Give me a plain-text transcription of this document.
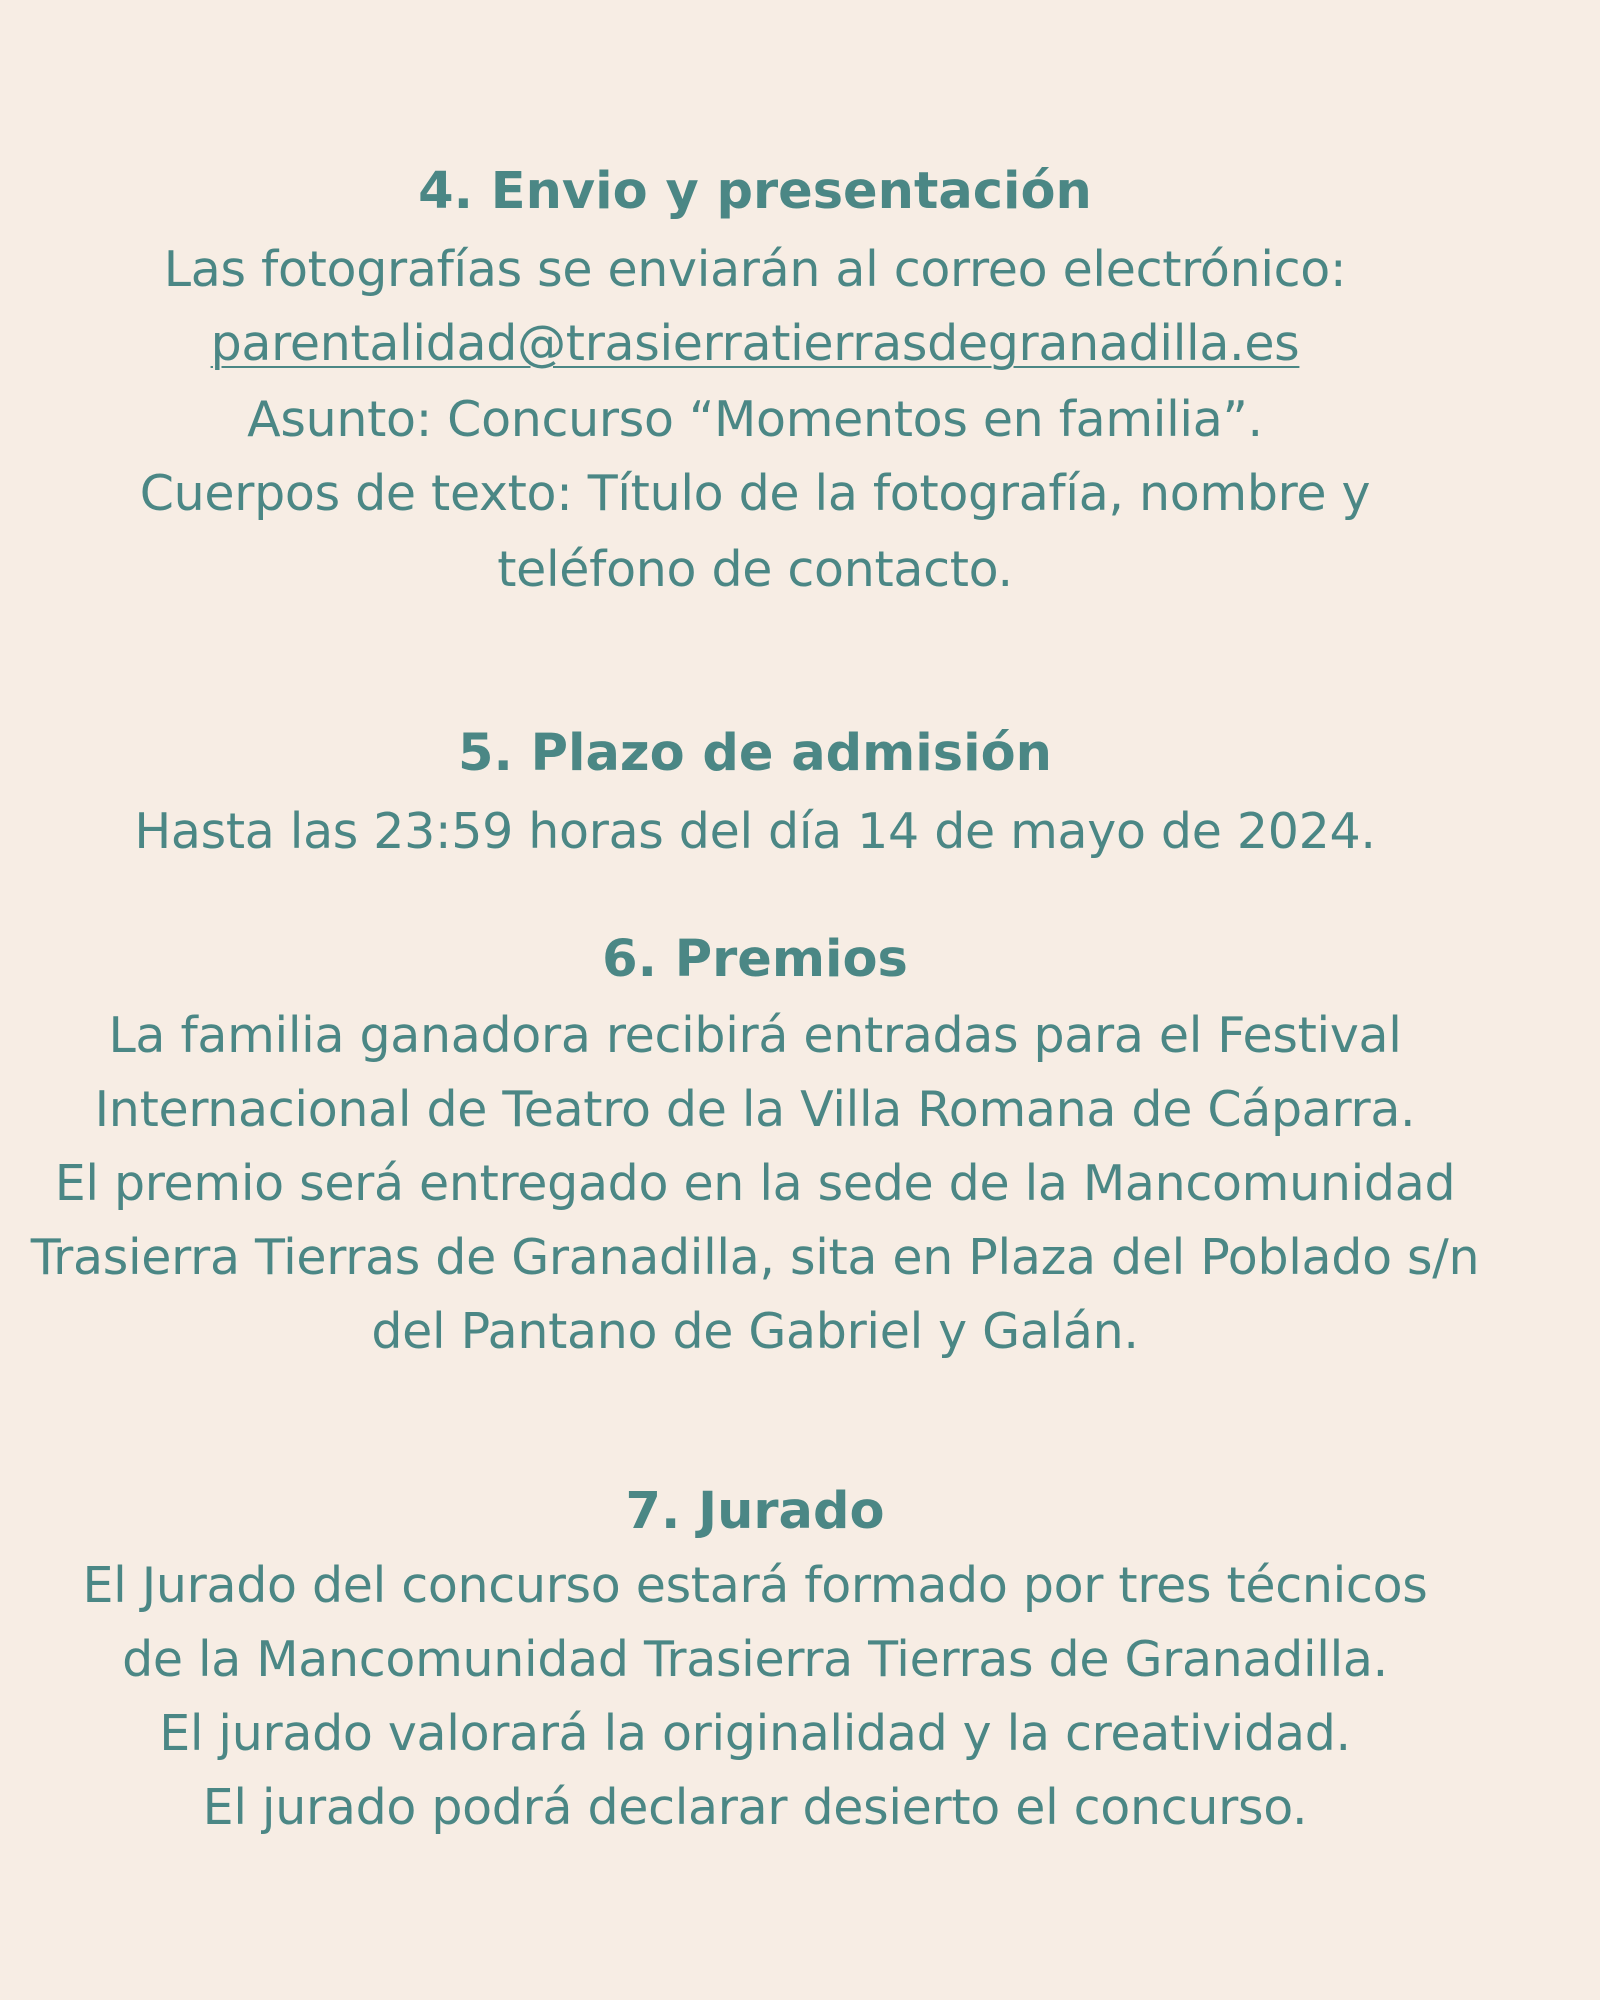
4. Envio y presentación
Las fotografías se enviarán al correo electrónico:
parentalidad@trasierratierrasdegranadilla.es
Asunto: Concurso “Momentos en familia”.
Cuerpos de texto: Título de la fotografía, nombre y
teléfono de contacto.
5. Plazo de admisión
Hasta las 23:59 horas del día 14 de mayo de 2024.
6. Premios
La familia ganadora recibirá entradas para el Festival
Internacional de Teatro de la Villa Romana de Cáparra.
El premio será entregado en la sede de la Mancomunidad
Trasierra Tierras de Granadilla, sita en Plaza del Poblado s/n
del Pantano de Gabriel y Galán.
7. Jurado
El Jurado del concurso estará formado por tres técnicos
de la Mancomunidad Trasierra Tierras de Granadilla.
El jurado valorará la originalidad y la creatividad.
El jurado podrá declarar desierto el concurso.
